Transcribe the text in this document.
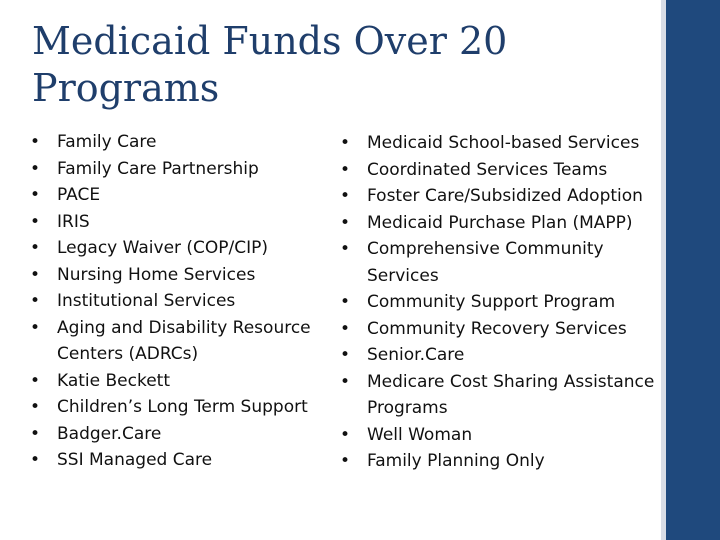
Medicaid Funds Over 20 Programs
• Family Care
• Family Care Partnership
• PACE
• IRIS
• Legacy Waiver (COP/CIP)
• Nursing Home Services
• Institutional Services
• Aging and Disability Resource Centers (ADRCs)
• Katie Beckett
• Children’s Long Term Support
• Badger.Care
• SSI Managed Care
• Medicaid School-based Services
• Coordinated Services Teams
• Foster Care/Subsidized Adoption
• Medicaid Purchase Plan (MAPP)
• Comprehensive Community Services
• Community Support Program
• Community Recovery Services
• Senior.Care
• Medicare Cost Sharing Assistance Programs
• Well Woman
• Family Planning Only
